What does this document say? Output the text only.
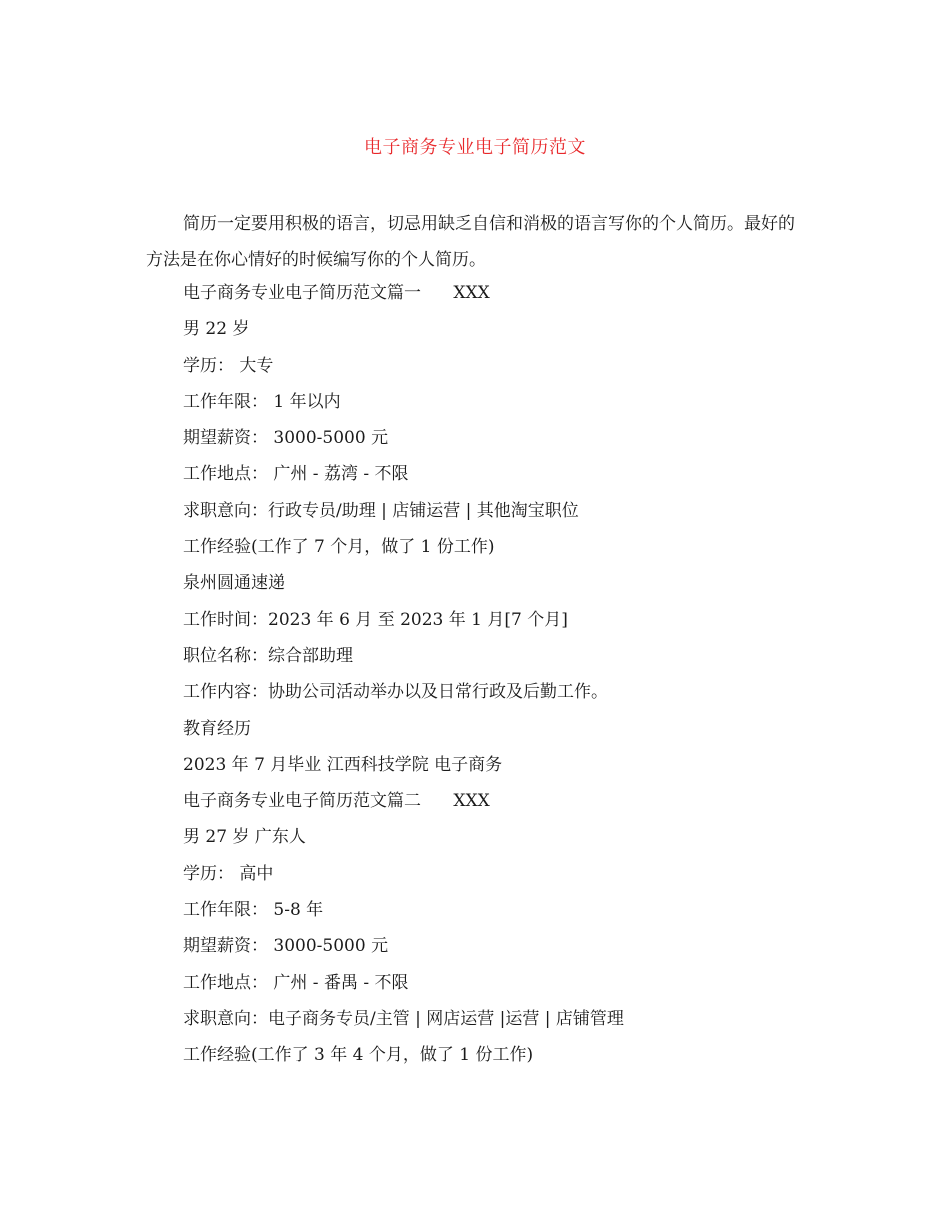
电子商务专业电子简历范文
简历一定要用积极的语言，切忌用缺乏自信和消极的语言写你的个人简历。最好的方法是在你心情好的时候编写你的个人简历。
电子商务专业电子简历范文篇一      XXX
男 22 岁
学历： 大专
工作年限： 1 年以内
期望薪资： 3000-5000 元
工作地点： 广州 - 荔湾 - 不限
求职意向：行政专员/助理 | 店铺运营 | 其他淘宝职位
工作经验(工作了 7 个月，做了 1 份工作)
泉州圆通速递
工作时间：2023 年 6 月 至 2023 年 1 月[7 个月]
职位名称：综合部助理
工作内容：协助公司活动举办以及日常行政及后勤工作。
教育经历
2023 年 7 月毕业 江西科技学院 电子商务
电子商务专业电子简历范文篇二      XXX
男 27 岁 广东人
学历： 高中
工作年限： 5-8 年
期望薪资： 3000-5000 元
工作地点： 广州 - 番禺 - 不限
求职意向：电子商务专员/主管 | 网店运营 |运营 | 店铺管理
工作经验(工作了 3 年 4 个月，做了 1 份工作)
